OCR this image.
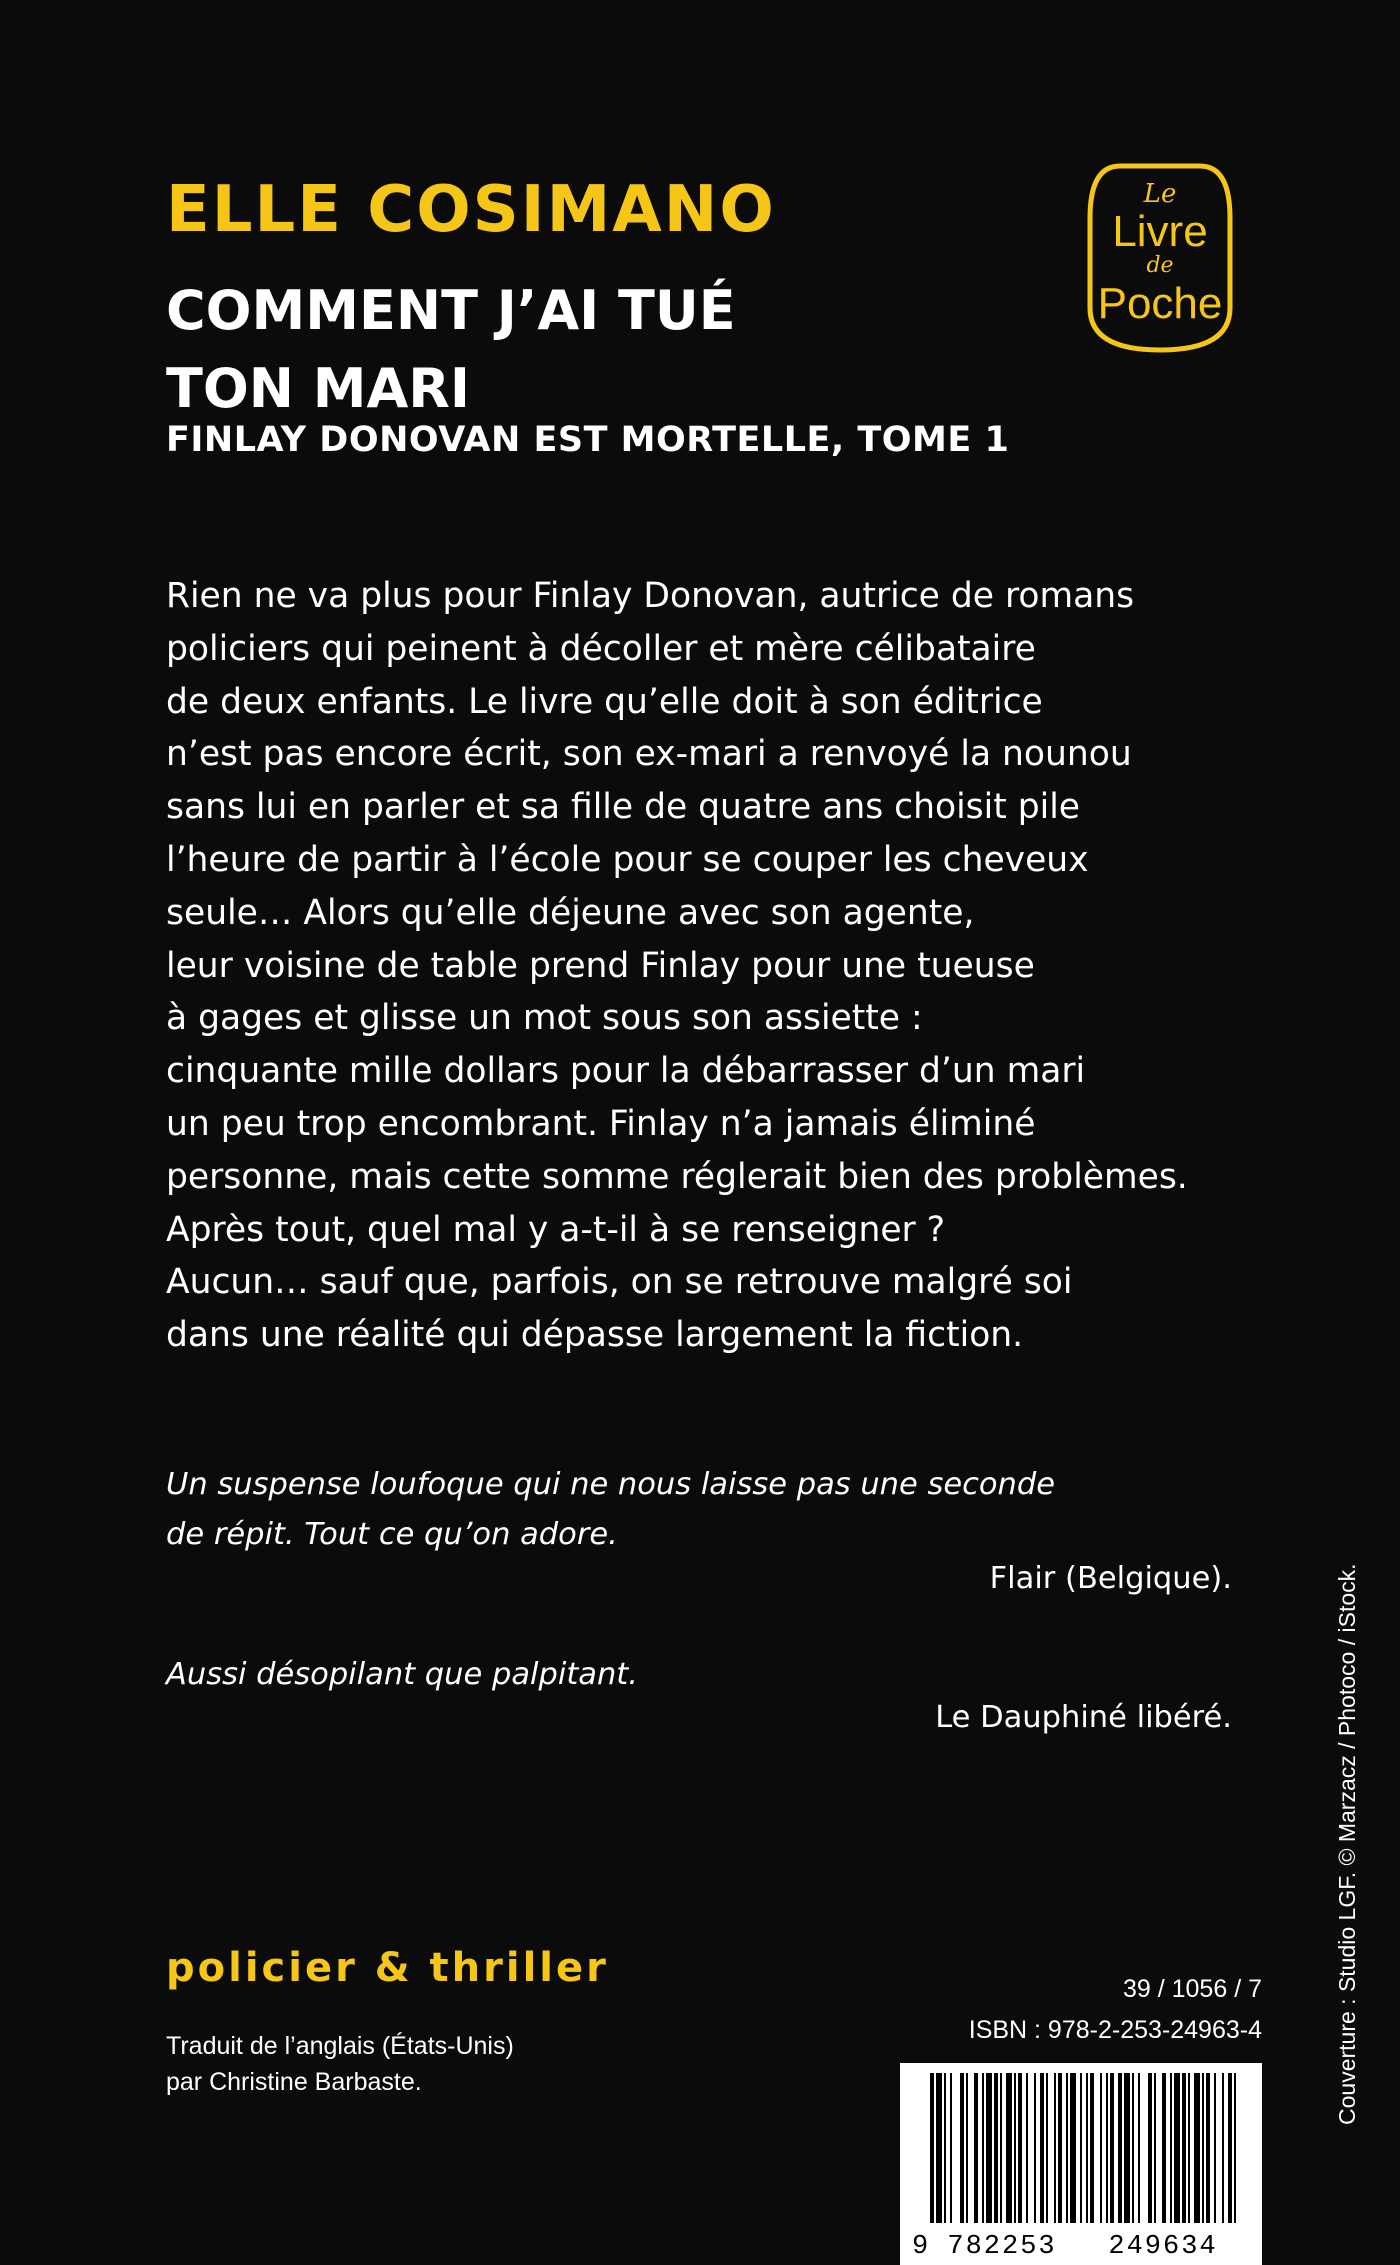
ELLE COSIMANO
COMMENT J’AI TUÉ
TON MARI
FINLAY DONOVAN EST MORTELLE, TOME 1
Le
Livre
de
Poche

Rien ne va plus pour Finlay Donovan, autrice de romans
policiers qui peinent à décoller et mère célibataire
de deux enfants. Le livre qu’elle doit à son éditrice
n’est pas encore écrit, son ex-mari a renvoyé la nounou
sans lui en parler et sa fille de quatre ans choisit pile
l’heure de partir à l’école pour se couper les cheveux
seule… Alors qu’elle déjeune avec son agente,
leur voisine de table prend Finlay pour une tueuse
à gages et glisse un mot sous son assiette :
cinquante mille dollars pour la débarrasser d’un mari
un peu trop encombrant. Finlay n’a jamais éliminé
personne, mais cette somme réglerait bien des problèmes.
Après tout, quel mal y a-t-il à se renseigner ?
Aucun… sauf que, parfois, on se retrouve malgré soi
dans une réalité qui dépasse largement la fiction.

Un suspense loufoque qui ne nous laisse pas une seconde
de répit. Tout ce qu’on adore.

Flair (Belgique).

Aussi désopilant que palpitant.

Le Dauphiné libéré.
policier & thriller

Traduit de l’anglais (États-Unis)
par Christine Barbaste.

39 / 1056 / 7
ISBN : 978-2-253-24963-4
9 782253 249634
Couverture : Studio LGF. © Marzacz / Photoco / iStock.
